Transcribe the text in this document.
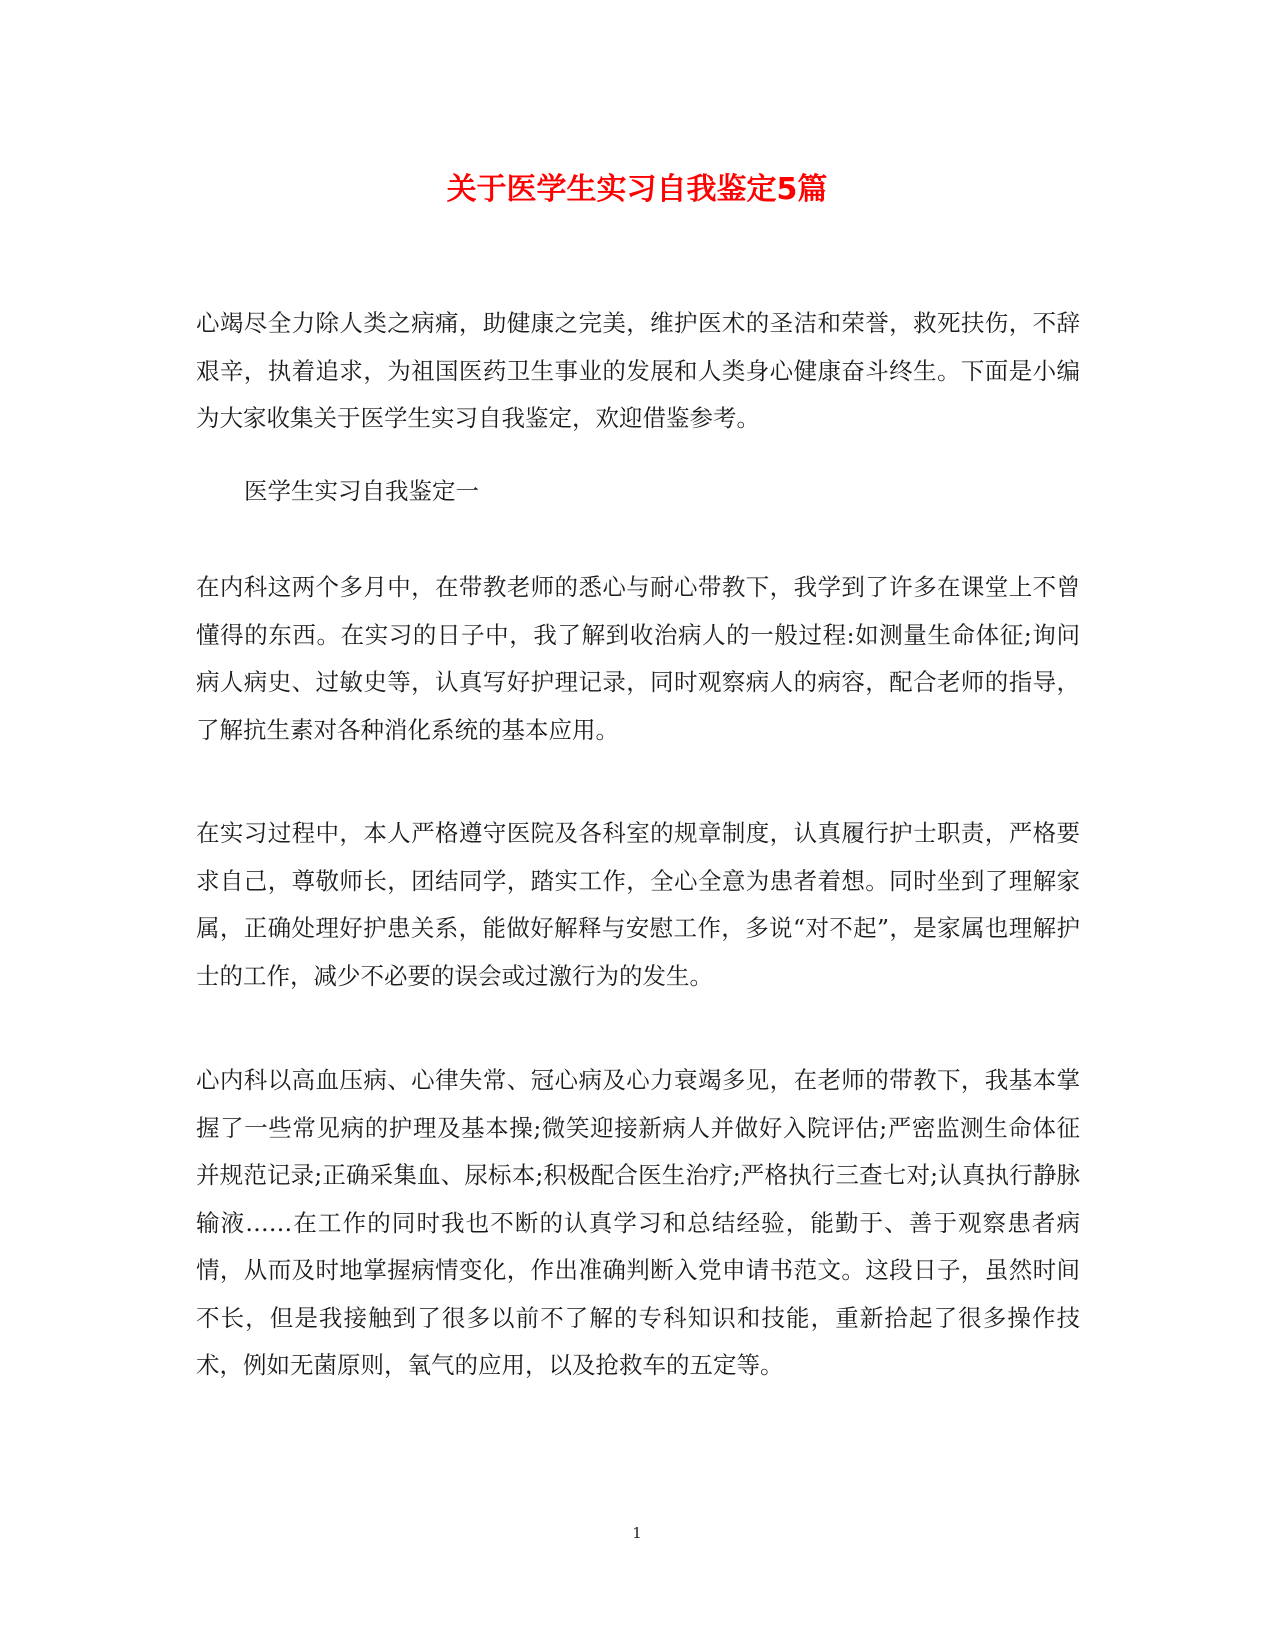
关于医学生实习自我鉴定5篇

心竭尽全力除人类之病痛，助健康之完美，维护医术的圣洁和荣誉，救死扶伤，不辞艰辛，执着追求，为祖国医药卫生事业的发展和人类身心健康奋斗终生。下面是小编为大家收集关于医学生实习自我鉴定，欢迎借鉴参考。

医学生实习自我鉴定一

在内科这两个多月中，在带教老师的悉心与耐心带教下，我学到了许多在课堂上不曾懂得的东西。在实习的日子中，我了解到收治病人的一般过程:如测量生命体征;询问病人病史、过敏史等，认真写好护理记录，同时观察病人的病容，配合老师的指导，了解抗生素对各种消化系统的基本应用。

在实习过程中，本人严格遵守医院及各科室的规章制度，认真履行护士职责，严格要求自己，尊敬师长，团结同学，踏实工作，全心全意为患者着想。同时坐到了理解家属，正确处理好护患关系，能做好解释与安慰工作，多说“对不起”，是家属也理解护士的工作，减少不必要的误会或过激行为的发生。

心内科以高血压病、心律失常、冠心病及心力衰竭多见，在老师的带教下，我基本掌握了一些常见病的护理及基本操;微笑迎接新病人并做好入院评估;严密监测生命体征并规范记录;正确采集血、尿标本;积极配合医生治疗;严格执行三查七对;认真执行静脉输液……在工作的同时我也不断的认真学习和总结经验，能勤于、善于观察患者病情，从而及时地掌握病情变化，作出准确判断入党申请书范文。这段日子，虽然时间不长，但是我接触到了很多以前不了解的专科知识和技能，重新拾起了很多操作技术，例如无菌原则，氧气的应用，以及抢救车的五定等。

1
